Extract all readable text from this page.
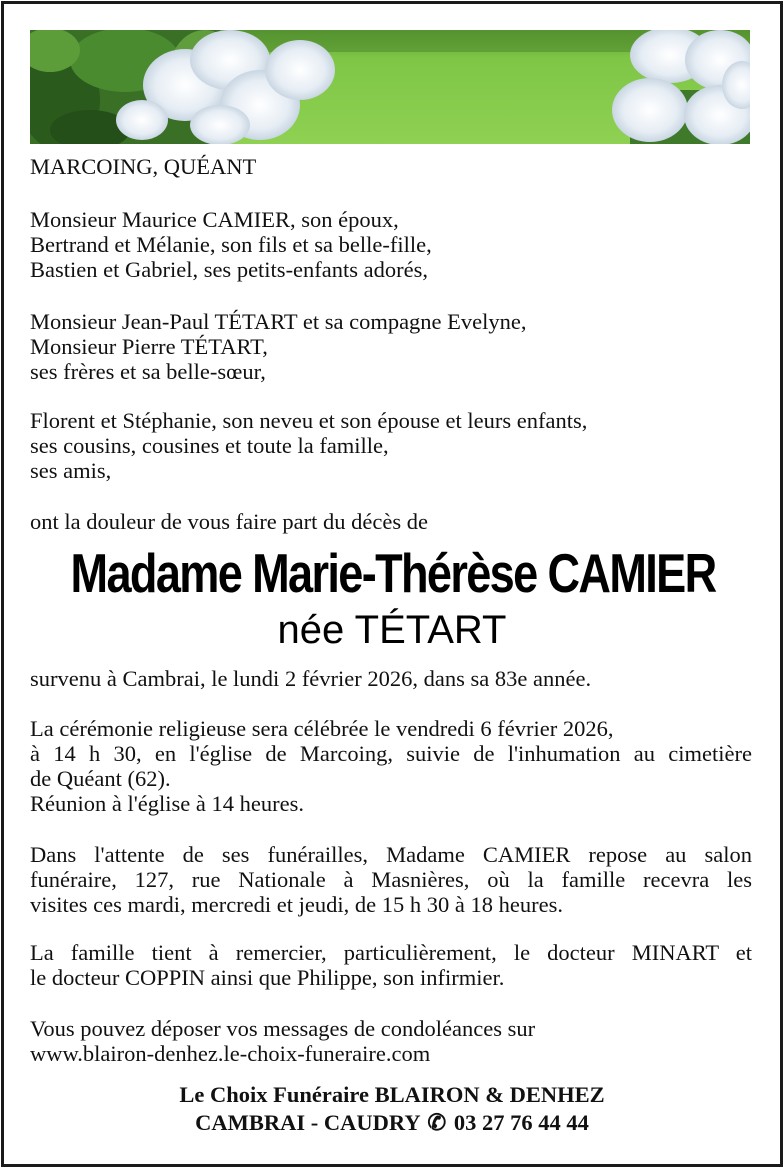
MARCOING, QUÉANT
Monsieur Maurice CAMIER, son époux,
Bertrand et Mélanie, son fils et sa belle-fille,
Bastien et Gabriel, ses petits-enfants adorés,
Monsieur Jean-Paul TÉTART et sa compagne Evelyne,
Monsieur Pierre TÉTART,
ses frères et sa belle-sœur,
Florent et Stéphanie, son neveu et son épouse et leurs enfants,
ses cousins, cousines et toute la famille,
ses amis,
ont la douleur de vous faire part du décès de
Madame Marie-Thérèse CAMIER
née TÉTART
survenu à Cambrai, le lundi 2 février 2026, dans sa 83e année.
La cérémonie religieuse sera célébrée le vendredi 6 février 2026,
à 14 h 30, en l'église de Marcoing, suivie de l'inhumation au cimetière
de Quéant (62).
Réunion à l'église à 14 heures.
Dans l'attente de ses funérailles, Madame CAMIER repose au salon
funéraire, 127, rue Nationale à Masnières, où la famille recevra les
visites ces mardi, mercredi et jeudi, de 15 h 30 à 18 heures.
La famille tient à remercier, particulièrement, le docteur MINART et
le docteur COPPIN ainsi que Philippe, son infirmier.
Vous pouvez déposer vos messages de condoléances sur
www.blairon-denhez.le-choix-funeraire.com
Le Choix Funéraire BLAIRON & DENHEZ
CAMBRAI - CAUDRY ✆ 03 27 76 44 44
